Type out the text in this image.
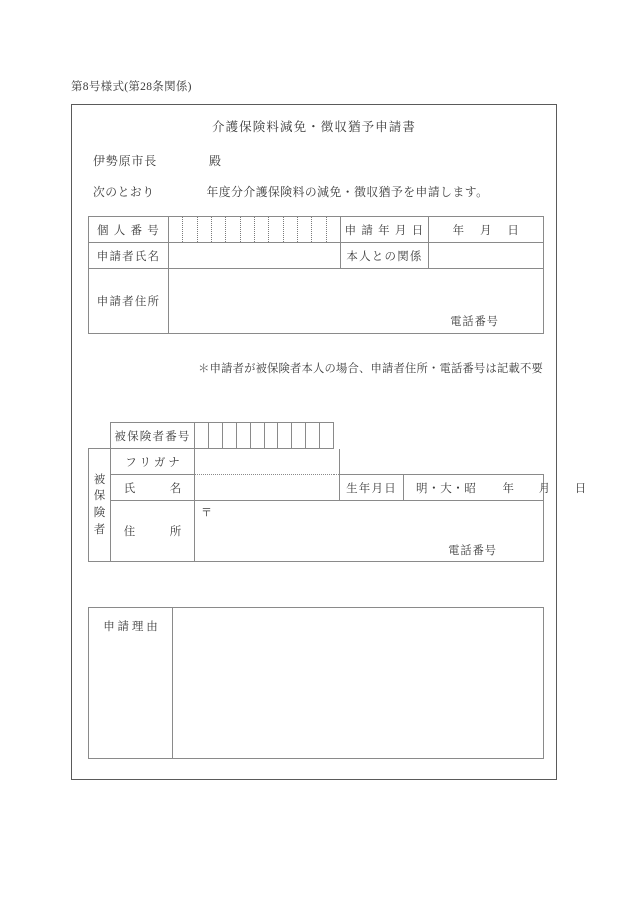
第8号様式(第28条関係)
介護保険料減免・徴収猶予申請書
伊勢原市長	殿
次のとおり	年度分介護保険料の減免・徴収猶予を申請します。
個 人 番 号		申 請 年 月 日	年 月 日

申請者氏名		本人との関係	
申請者住所	電話番号		
＊申請者が被保険者本人の場合、申請者住所・電話番号は記載不要
	被保険者番号	

被
保
険
者	フ リ ガ ナ				
	氏　　　名			生年月日	明・大・昭 年 月 日
	住　　　所	〒
電話番号			
申 請 理 由	
